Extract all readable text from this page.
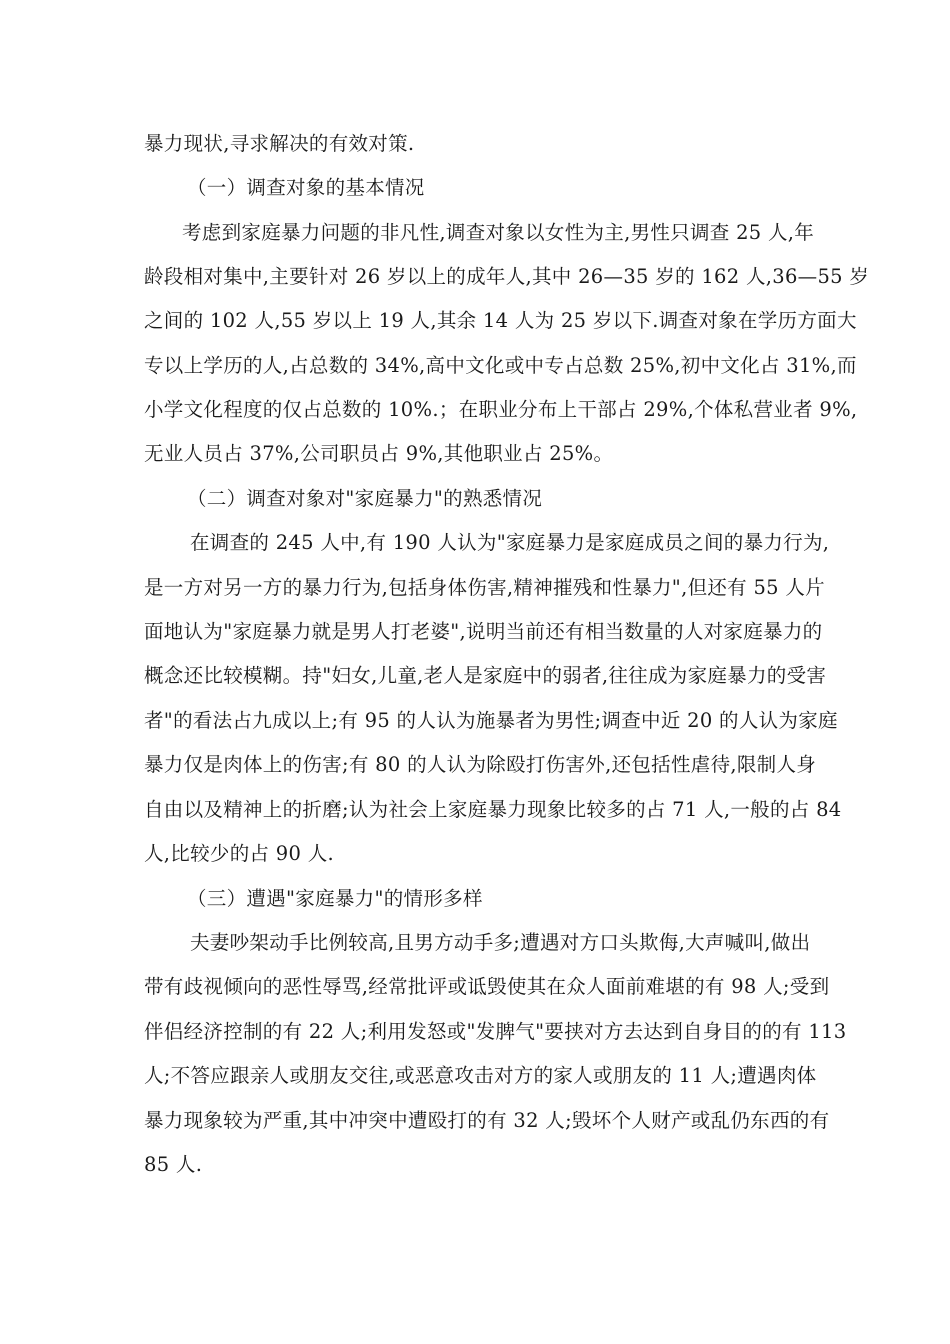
暴力现状,寻求解决的有效对策.
（一）调查对象的基本情况
考虑到家庭暴力问题的非凡性,调查对象以女性为主,男性只调查 25 人,年
龄段相对集中,主要针对 26 岁以上的成年人,其中 26—35 岁的 162 人,36—55 岁
之间的 102 人,55 岁以上 19 人,其余 14 人为 25 岁以下.调查对象在学历方面大
专以上学历的人,占总数的 34%,高中文化或中专占总数 25%,初中文化占 31%,而
小学文化程度的仅占总数的 10%.；在职业分布上干部占 29%,个体私营业者 9%,
无业人员占 37%,公司职员占 9%,其他职业占 25%。
（二）调查对象对"家庭暴力"的熟悉情况
在调查的 245 人中,有 190 人认为"家庭暴力是家庭成员之间的暴力行为,
是一方对另一方的暴力行为,包括身体伤害,精神摧残和性暴力",但还有 55 人片
面地认为"家庭暴力就是男人打老婆",说明当前还有相当数量的人对家庭暴力的
概念还比较模糊。持"妇女,儿童,老人是家庭中的弱者,往往成为家庭暴力的受害
者"的看法占九成以上;有 95 的人认为施暴者为男性;调查中近 20 的人认为家庭
暴力仅是肉体上的伤害;有 80 的人认为除殴打伤害外,还包括性虐待,限制人身
自由以及精神上的折磨;认为社会上家庭暴力现象比较多的占 71 人,一般的占 84
人,比较少的占 90 人.
（三）遭遇"家庭暴力"的情形多样
夫妻吵架动手比例较高,且男方动手多;遭遇对方口头欺侮,大声喊叫,做出
带有歧视倾向的恶性辱骂,经常批评或诋毁使其在众人面前难堪的有 98 人;受到
伴侣经济控制的有 22 人;利用发怒或"发脾气"要挟对方去达到自身目的的有 113
人;不答应跟亲人或朋友交往,或恶意攻击对方的家人或朋友的 11 人;遭遇肉体
暴力现象较为严重,其中冲突中遭殴打的有 32 人;毁坏个人财产或乱仍东西的有
85 人.
